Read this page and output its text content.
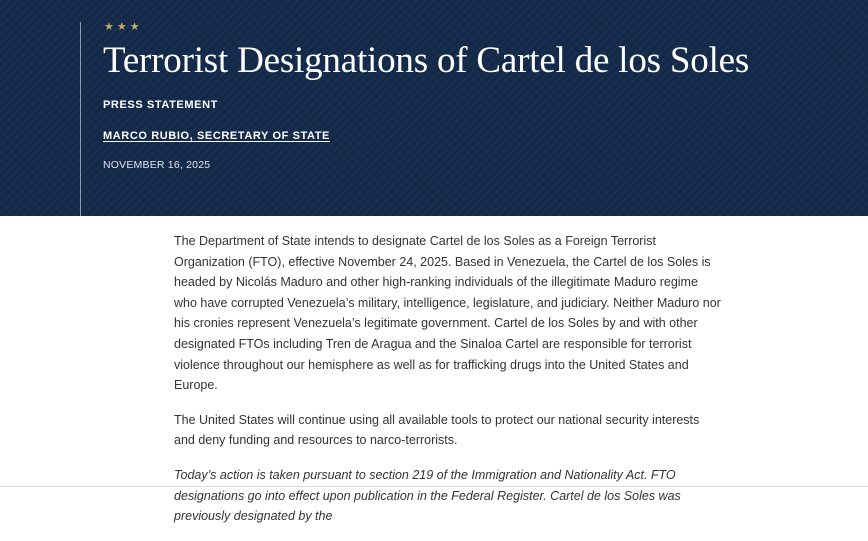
★★★
Terrorist Designations of Cartel de los Soles
PRESS STATEMENT
MARCO RUBIO, SECRETARY OF STATE
NOVEMBER 16, 2025

The Department of State intends to designate Cartel de los Soles as a Foreign Terrorist Organization (FTO), effective November 24, 2025. Based in Venezuela, the Cartel de los Soles is headed by Nicolás Maduro and other high-ranking individuals of the illegitimate Maduro regime who have corrupted Venezuela’s military, intelligence, legislature, and judiciary. Neither Maduro nor his cronies represent Venezuela’s legitimate government. Cartel de los Soles by and with other designated FTOs including Tren de Aragua and the Sinaloa Cartel are responsible for terrorist violence throughout our hemisphere as well as for trafficking drugs into the United States and Europe.

The United States will continue using all available tools to protect our national security interests and deny funding and resources to narco-terrorists.

Today’s action is taken pursuant to section 219 of the Immigration and Nationality Act. FTO designations go into effect upon publication in the Federal Register. Cartel de los Soles was previously designated by the
